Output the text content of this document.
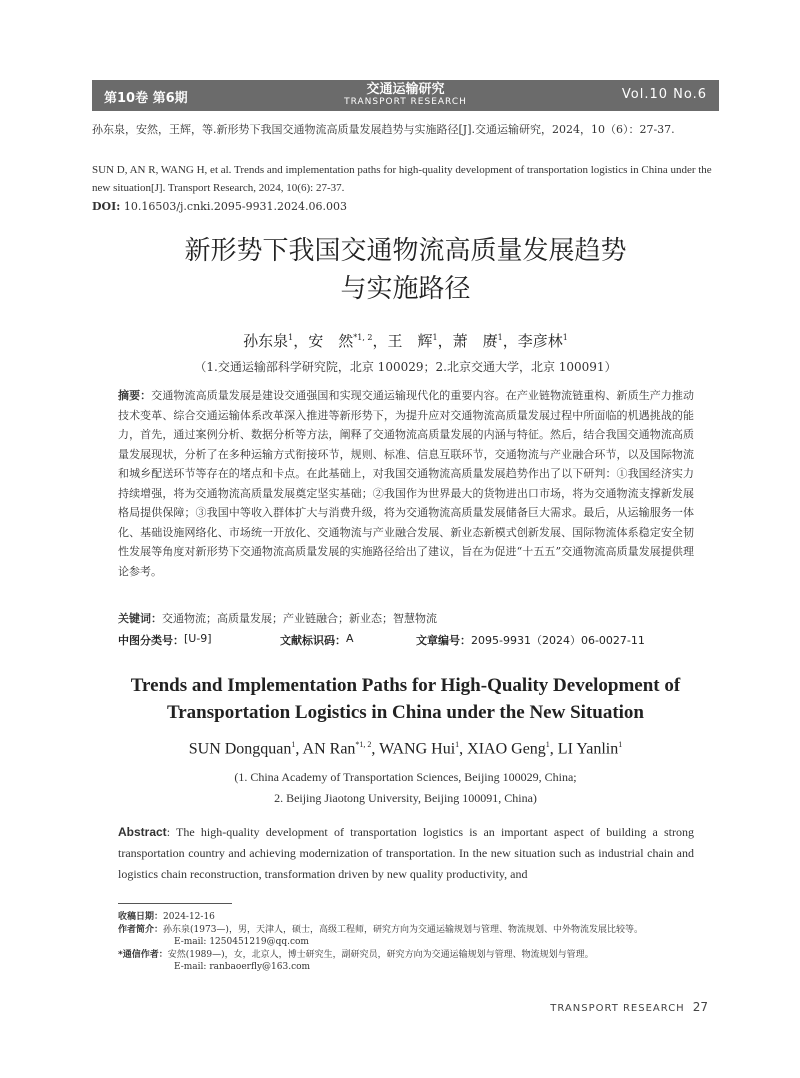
第10卷 第6期
交通运输研究
TRANSPORT RESEARCH	Vol.10 No.6
孙东泉，安然，王辉，等.新形势下我国交通物流高质量发展趋势与实施路径[J].交通运输研究，2024，10（6）：27-37.
SUN D, AN R, WANG H, et al. Trends and implementation paths for high-quality development of transportation logistics in China under the new situation[J]. Transport Research, 2024, 10(6): 27-37.
DOI: 10.16503/j.cnki.2095-9931.2024.06.003
新形势下我国交通物流高质量发展趋势
与实施路径
孙东泉$^1$，安　然$^{*1, 2}$，王　辉$^1$，萧　赓$^1$，李彦林$^1$
（1.交通运输部科学研究院，北京 100029；2.北京交通大学，北京 100091）
摘要：交通物流高质量发展是建设交通强国和实现交通运输现代化的重要内容。在产业链物流链重构、新质生产力推动技术变革、综合交通运输体系改革深入推进等新形势下，为提升应对交通物流高质量发展过程中所面临的机遇挑战的能力，首先，通过案例分析、数据分析等方法，阐释了交通物流高质量发展的内涵与特征。然后，结合我国交通物流高质量发展现状，分析了在多种运输方式衔接环节，规则、标准、信息互联环节，交通物流与产业融合环节，以及国际物流和城乡配送环节等存在的堵点和卡点。在此基础上，对我国交通物流高质量发展趋势作出了以下研判：①我国经济实力持续增强，将为交通物流高质量发展奠定坚实基础；②我国作为世界最大的货物进出口市场，将为交通物流支撑新发展格局提供保障；③我国中等收入群体扩大与消费升级，将为交通物流高质量发展储备巨大需求。最后，从运输服务一体化、基础设施网络化、市场统一开放化、交通物流与产业融合发展、新业态新模式创新发展、国际物流体系稳定安全韧性发展等角度对新形势下交通物流高质量发展的实施路径给出了建议，旨在为促进“十五五”交通物流高质量发展提供理论参考。
关键词：交通物流；高质量发展；产业链融合；新业态；智慧物流
中图分类号： [U-9]	文献标识码： A	文章编号： 2095-9931（2024）06-0027-11
Trends and Implementation Paths for High-Quality Development of
Transportation Logistics in China under the New Situation
SUN Dongquan$^1$, AN Ran$^{*1, 2}$, WANG Hui$^1$, XIAO Geng$^1$, LI Yanlin$^1$
(1. China Academy of Transportation Sciences, Beijing 100029, China;
2. Beijing Jiaotong University, Beijing 100091, China)
Abstract: The high-quality development of transportation logistics is an important aspect of building a strong transportation country and achieving modernization of transportation. In the new situation such as industrial chain and logistics chain reconstruction, transformation driven by new quality productivity, and
收稿日期：2024-12-16
作者简介：孙东泉(1973—)，男，天津人，硕士，高级工程师，研究方向为交通运输规划与管理、物流规划、中外物流发展比较等。
E-mail: 1250451219@qq.com
*通信作者：安然(1989—)，女，北京人，博士研究生，副研究员，研究方向为交通运输规划与管理、物流规划与管理。
E-mail: ranbaoerfly@163.com
TRANSPORT RESEARCH 27
